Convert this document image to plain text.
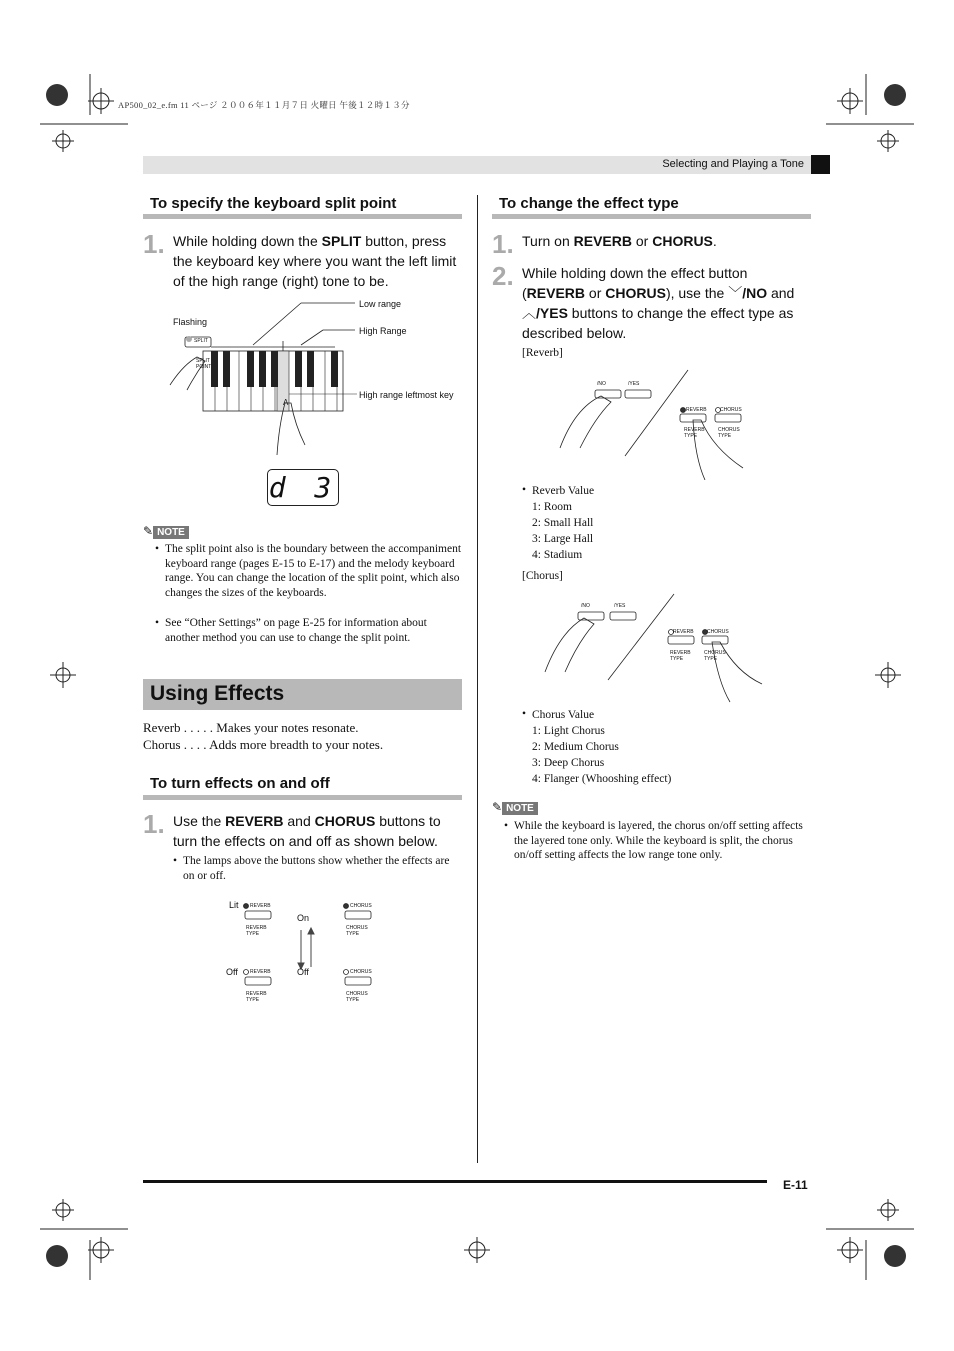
AP500_02_e.fm 11 ページ ２００６年１１月７日 火曜日 午後１２時１３分
Selecting and Playing a Tone
To specify the keyboard split point
1. While holding down the SPLIT button, press the keyboard key where you want the left limit of the high range (right) tone to be.
Low range
High Range
Flashing
High range leftmost key
SPLIT
SPLIT POINT
A
d 3
✎ NOTE
• The split point also is the boundary between the accompaniment keyboard range (pages E-15 to E-17) and the melody keyboard range. You can change the location of the split point, which also changes the sizes of the keyboards.
• See “Other Settings” on page E-25 for information about another method you can use to change the split point.
Using Effects
Reverb . . . . . Makes your notes resonate.
Chorus . . . . Adds more breadth to your notes.
To turn effects on and off
1. Use the REVERB and CHORUS buttons to turn the effects on and off as shown below.
• The lamps above the buttons show whether the effects are on or off.
Lit
Off
On
Off
REVERB	CHORUS
REVERB	CHORUS
REVERB TYPE
CHORUS TYPE
REVERB TYPE
CHORUS TYPE
To change the effect type
1. Turn on REVERB or CHORUS.
2. While holding down the effect button (REVERB or CHORUS), use the ﹀/NO and
︿/YES buttons to change the effect type as described below.
[Reverb]
/NO	/YES
REVERB	CHORUS
REVERB TYPE
CHORUS TYPE
• Reverb Value
1: Room
2: Small Hall
3: Large Hall
4: Stadium
[Chorus]
/NO	/YES
REVERB	CHORUS
REVERB TYPE
CHORUS TYPE
• Chorus Value
1: Light Chorus
2: Medium Chorus
3: Deep Chorus
4: Flanger (Whooshing effect)
✎ NOTE
• While the keyboard is layered, the chorus on/off setting affects the layered tone only. While the keyboard is split, the chorus on/off setting affects the low range tone only.
E-11
